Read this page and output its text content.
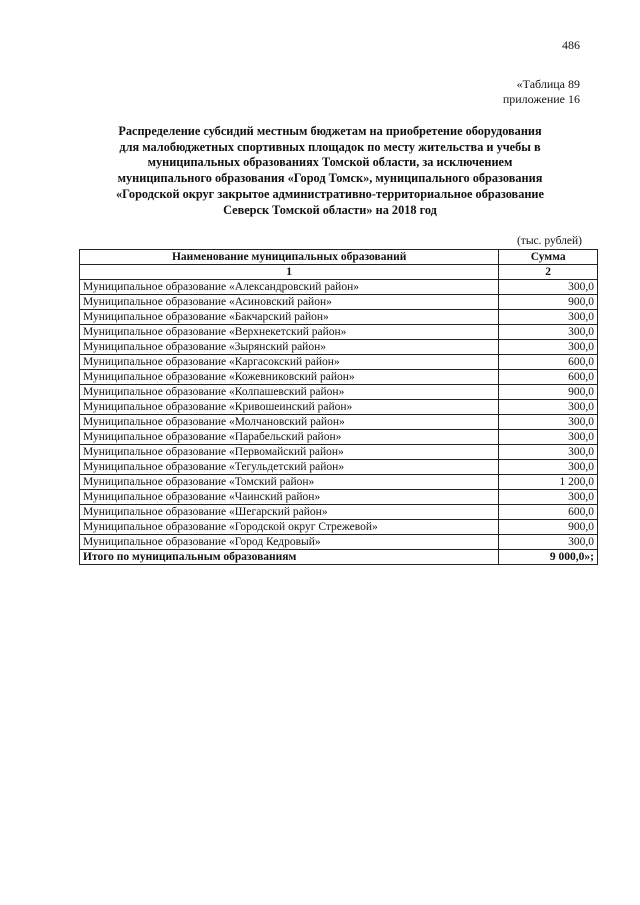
486
«Таблица 89
приложение 16
Распределение субсидий местным бюджетам на приобретение оборудования
для малобюджетных спортивных площадок по месту жительства и учебы в
муниципальных образованиях Томской области, за исключением
муниципального образования «Город Томск», муниципального образования
«Городской округ закрытое административно-территориальное образование
Северск Томской области» на 2018 год
(тыс. рублей)
Наименование муниципальных образований	Сумма
1	2
Муниципальное образование «Александровский район»	300,0
Муниципальное образование «Асиновский район»	900,0
Муниципальное образование «Бакчарский район»	300,0
Муниципальное образование «Верхнекетский район»	300,0
Муниципальное образование «Зырянский район»	300,0
Муниципальное образование «Каргасокский район»	600,0
Муниципальное образование «Кожевниковский район»	600,0
Муниципальное образование «Колпашевский район»	900,0
Муниципальное образование «Кривошеинский район»	300,0
Муниципальное образование «Молчановский район»	300,0
Муниципальное образование «Парабельский район»	300,0
Муниципальное образование «Первомайский район»	300,0
Муниципальное образование «Тегульдетский район»	300,0
Муниципальное образование «Томский район»	1 200,0
Муниципальное образование «Чаинский район»	300,0
Муниципальное образование «Шегарский район»	600,0
Муниципальное образование «Городской округ Стрежевой»	900,0
Муниципальное образование «Город Кедровый»	300,0
Итого по муниципальным образованиям	9 000,0»;
